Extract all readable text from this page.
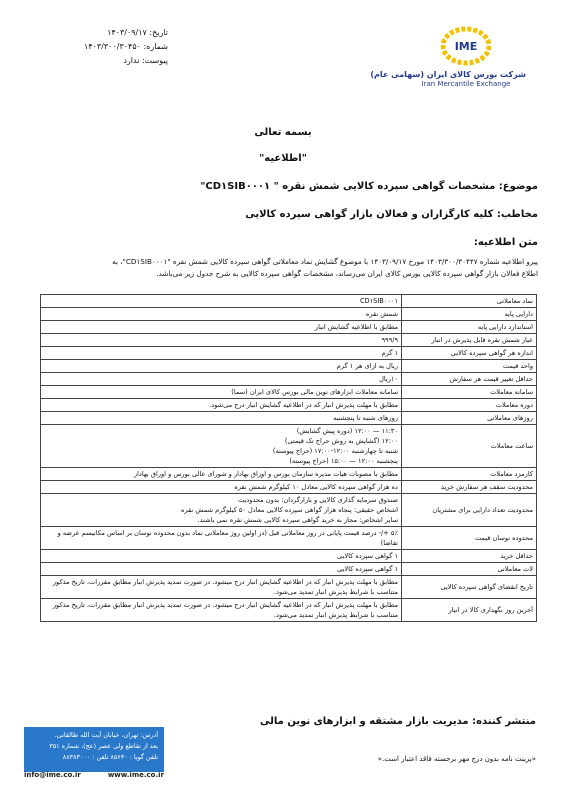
تاریخ: ۱۴۰۳/۰۹/۱۷
شماره: ۱۴۰۳/۳۰۰/۳۰۴۵۰
پیوست: ندارد
IME
شرکت بورس کالای ایران (سهامی عام)
Iran Mercantile Exchange
بسمه تعالی
"اطلاعیه"
موضوع: مشخصات گواهی سپرده کالایی شمش نقره " CD۱SIB۰۰۰۱"
مخاطب: کلیه کارگزاران و فعالان بازار گواهی سپرده کالایی
متن اطلاعیه:
پیرو اطلاعیه شماره ۱۴۰۳/۳۰۰/۳۰۴۴۷ مورخ ۱۴۰۳/۰۹/۱۷ با موضوع گشایش نماد معاملاتی گواهی سپرده کالایی شمش نقره "CD۱SIB۰۰۰۱"، به
اطلاع فعالان بازار گواهی سپرده کالایی بورس کالای ایران می‌رساند، مشخصات گواهی سپرده کالایی به شرح جدول زیر می‌باشد.
نماد معاملاتی	CD۱SIB۰۰۰۱

دارایی پایه	شمش نقره

استاندارد دارایی پایه	مطابق با اطلاعیه گشایش انبار

عیار شمش نقره قابل پذیرش در انبار	۹۹۹/۹

اندازه هر گواهی سپرده کالایی	۱ گرم

واحد قیمت	ریال به ازای هر ۱ گرم

حداقل تغییر قیمت هر سفارش	۱۰ریال

سامانه معاملات	سامانه معاملات ابزارهای نوین مالی بورس کالای ایران (سما)

دوره معاملات	مطابق با مهلت پذیرش انبار که در اطلاعیه گشایش انبار درج می‌شود.

روزهای معاملاتی	روزهای شنبه تا پنجشنبه

ساعت معاملات	۱۱:۳۰ — ۱۲:۰۰ (دوره پیش گشایش)
۱۲:۰۰ (گشایش به روش حراج تک قیمتی)
شنبه تا چهارشنبه ۱۲:۰۰-۱۷:۰۰ (حراج پیوسته)
پنجشنبه ۱۲:۰۰ — ۱۵:۰۰ (حراج پیوسته)

کارمزد معاملات	مطابق با مصوبات هیات مدیره سازمان بورس و اوراق بهادار و شورای عالی بورس و اوراق بهادار

محدودیت سقف هر سفارش خرید	ده هزار گواهی سپرده کالایی معادل ۱۰ کیلوگرم شمش نقره

محدودیت تعداد دارایی برای مشتریان	صندوق سرمایه گذاری کالایی و بازارگردان: بدون محدودیت
اشخاص حقیقی: پنجاه هزار گواهی سپرده کالایی معادل ۵۰ کیلوگرم شمش نقره
سایر اشخاص: مجاز به خرید گواهی سپرده کالایی شمش نقره نمی باشند.

محدوده نوسان قیمت	۵٪ +/- درصد قیمت پایانی در روز معاملاتی قبل (در اولین روز معاملاتی نماد بدون محدوده نوسان بر اساس مکانیسم عرضه و تقاضا)

حداقل خرید	۱ گواهی سپرده کالایی

لات معاملاتی	۱ گواهی سپرده کالایی

تاریخ انقضای گواهی سپرده کالایی	مطابق با مهلت پذیرش انبار که در اطلاعیه گشایش انبار درج میشود. در صورت تمدید پذیرش انبار مطابق مقررات، تاریخ مذکور
متناسب با شرایط پذیرش انبار تمدید می‌شود.

آخرین روز نگهداری کالا در انبار	مطابق با مهلت پذیرش انبار که در اطلاعیه گشایش انبار درج میشود. در صورت تمدید پذیرش انبار مطابق مقررات، تاریخ مذکور
متناسب با شرایط پذیرش انبار تمدید می‌شود.
منتشر کننده: مدیریت بازار مشتقه و ابزارهای نوین مالی
«پرینت نامه بدون درج مهر برجسته فاقد اعتبار است.»
آدرس: تهران، خیابان آیت الله طالقانی،
بعد از تقاطع ولی عصر (عج)، شماره ۳۵۱
تلفن گویا : ۸۵۶۴۰ تلفن : ۸۸۳۸۳۰۰۰
info@ime.co.ir	www.ime.co.ir
